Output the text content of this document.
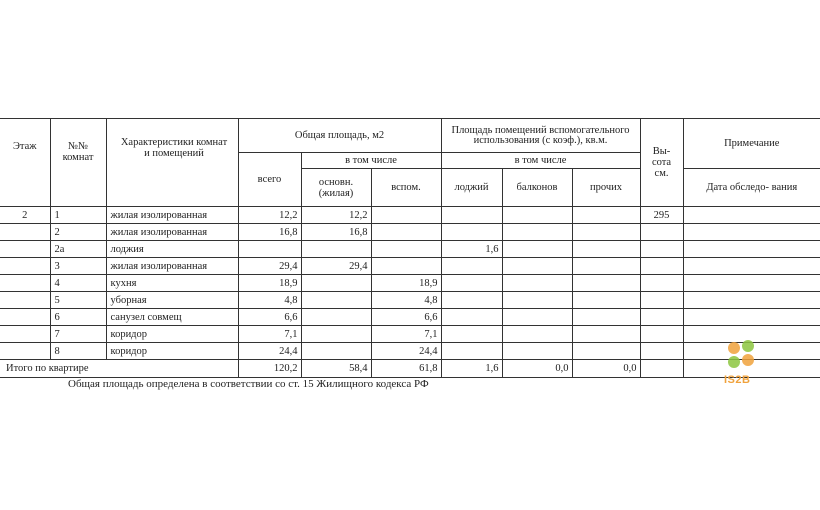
Этаж	№№ комнат	Характеристики комнат и помещений	Общая площадь, м2			Площадь помещений вспомогательного использования (с коэф.), кв.м.			Вы- сота см.	Примечание
			всего	в том числе		в том числе				
				основн. (жилая)	вспом.	лоджий	балконов	прочих		Дата обследо- вания
2	1	жилая изолированная	12,2	12,2					295	
	2	жилая изолированная	16,8	16,8						
	2а	лоджия				1,6				
	3	жилая изолированная	29,4	29,4						
	4	кухня	18,9		18,9					
	5	уборная	4,8		4,8					
	6	санузел совмещ	6,6		6,6					
	7	коридор	7,1		7,1					
	8	коридор	24,4		24,4					
Итого по квартире			120,2	58,4	61,8	1,6	0,0	0,0		
Общая площадь определена в соответствии со ст. 15 Жилищного кодекса РФ	IS2B
